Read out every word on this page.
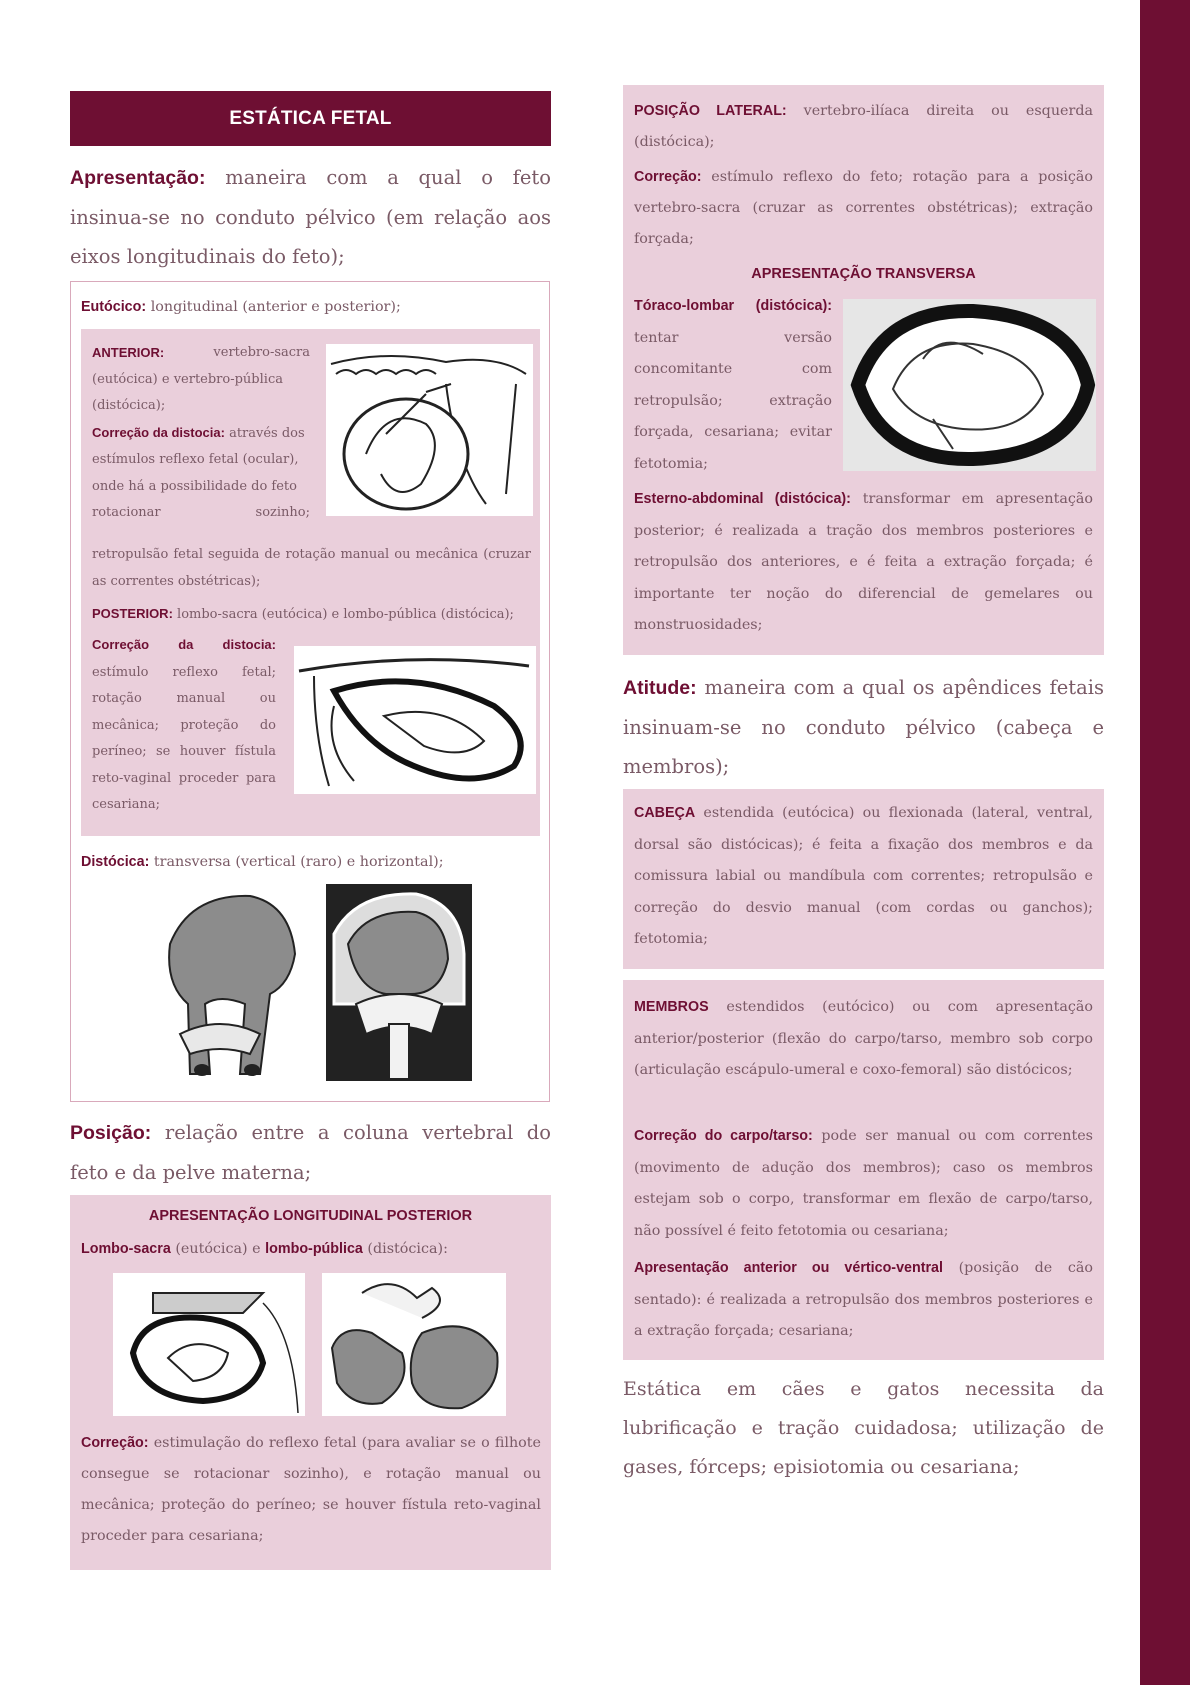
ESTÁTICA FETAL

Apresentação: maneira com a qual o feto insinua-se no conduto pélvico (em relação aos eixos longitudinais do feto);

Eutócico: longitudinal (anterior e posterior);

ANTERIOR:	vertebro-sacra
(eutócica) e vertebro-pública
(distócica);
Correção da distocia: através dos
estímulos reflexo fetal (ocular),
onde há a possibilidade do feto
rotacionar	sozinho;

retropulsão fetal seguida de rotação manual ou mecânica (cruzar as correntes obstétricas);

POSTERIOR: lombo-sacra (eutócica) e lombo-pública (distócica);

Correção da distocia: estímulo reflexo fetal; rotação manual ou mecânica; proteção do períneo; se houver fístula reto-vaginal proceder para cesariana;

Distócica: transversa (vertical (raro) e horizontal);

Posição: relação entre a coluna vertebral do feto e da pelve materna;

APRESENTAÇÃO LONGITUDINAL POSTERIOR

Lombo-sacra (eutócica) e lombo-pública (distócica):

Correção: estimulação do reflexo fetal (para avaliar se o filhote consegue se rotacionar sozinho), e rotação manual ou mecânica; proteção do períneo; se houver fístula reto-vaginal proceder para cesariana;

POSIÇÃO LATERAL: vertebro-ilíaca direita ou esquerda (distócica);

Correção: estímulo reflexo do feto; rotação para a posição vertebro-sacra (cruzar as correntes obstétricas); extração forçada;

APRESENTAÇÃO TRANSVERSA

Tóraco-lombar (distócica): tentar versão concomitante com retropulsão; extração forçada, cesariana; evitar fetotomia;

Esterno-abdominal (distócica): transformar em apresentação posterior; é realizada a tração dos membros posteriores e retropulsão dos anteriores, e é feita a extração forçada; é importante ter noção do diferencial de gemelares ou monstruosidades;

Atitude: maneira com a qual os apêndices fetais insinuam-se no conduto pélvico (cabeça e membros);

CABEÇA estendida (eutócica) ou flexionada (lateral, ventral, dorsal são distócicas); é feita a fixação dos membros e da comissura labial ou mandíbula com correntes; retropulsão e correção do desvio manual (com cordas ou ganchos); fetotomia;

MEMBROS estendidos (eutócico) ou com apresentação anterior/posterior (flexão do carpo/tarso, membro sob corpo (articulação escápulo-umeral e coxo-femoral) são distócicos;

Correção do carpo/tarso: pode ser manual ou com correntes (movimento de adução dos membros); caso os membros estejam sob o corpo, transformar em flexão de carpo/tarso, não possível é feito fetotomia ou cesariana;

Apresentação anterior ou vértico-ventral (posição de cão sentado): é realizada a retropulsão dos membros posteriores e a extração forçada; cesariana;

Estática em cães e gatos necessita da lubrificação e tração cuidadosa; utilização de gases, fórceps; episiotomia ou cesariana;
